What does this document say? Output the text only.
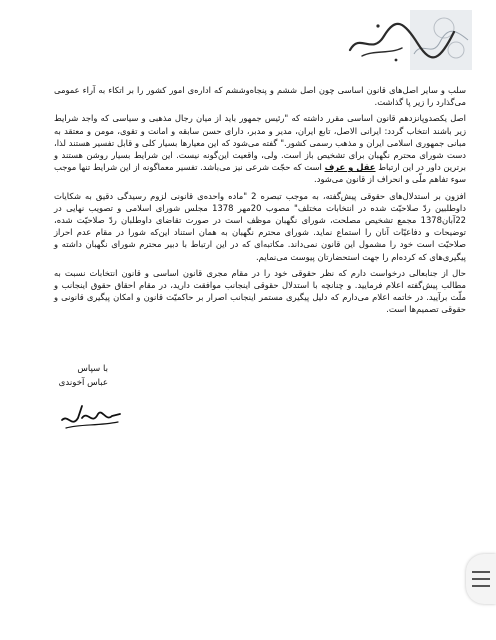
سلب و سایر اصل‌های قانون اساسی چون اصل ششم و پنجاه‌وششم که اداره‌ی امور کشور را بر اتکاء به آراء عمومی می‌گذارد را زیر پا گذاشت.

اصل یکصدوپانزدهم قانون اساسی مقرر داشته که "رئیس جمهور باید از میان رجال مذهبی و سیاسی که واجد شرایط زیر باشند انتخاب گردد: ایرانی الاصل، تابع ایران، مدیر و مدبر، دارای حسن سابقه و امانت و تقوی، مومن و معتقد به مبانی جمهوری اسلامی ایران و مذهب رسمی کشور." گفته می‌شود که این معیارها بسیار کلی و قابل تفسیر هستند لذا، دست شورای محترم نگهبان برای تشخیص باز است. ولی، واقعیت این‌گونه نیست. این شرایط بسیار روشن هستند و برترین داور در این ارتباط عقل و عرف است که حجّت شرعی نیز می‌باشد. تفسیر معماگونه از این شرایط تنها موجب سوء تفاهم ملّی و انحراف از قانون می‌شود.

افزون بر استدلال‌های حقوقی پیش‌گفته، به موجب تبصره 2 "ماده واحده‌ی قانونی لزوم رسیدگی دقیق به شکایات داوطلبین ردّ صلاحیّت شده در انتخابات مختلف" مصوب 20مهر 1378 مجلس شورای اسلامی و تصویب نهایی در 22آبان1378 مجمع تشخیص مصلحت، شورای نگهبان موظف است در صورت تقاضای داوطلبان ردّ صلاحیّت شده، توضیحات و دفاعیّات آنان را استماع نماید. شورای محترم نگهبان به همان استناد این‌که شورا در مقام عدم احراز صلاحیّت است خود را مشمول این قانون نمی‌داند. مکاتبه‌ای که در این ارتباط با دبیر محترم شورای نگهبان داشته و پیگیری‌های که کرده‌ام را جهت استحضارتان پیوست می‌نمایم.

حال از جنابعالی درخواست دارم که نظر حقوقی خود را در مقام مجری قانون اساسی و قانون انتخابات نسبت به مطالب پیش‌گفته اعلام فرمایید. و چنانچه با استدلال حقوقی اینجانب موافقت دارید، در مقام احقاق حقوق اینجانب و ملّت برآیید. در خاتمه اعلام می‌دارم که دلیل پیگیری مستمر اینجانب اصرار بر حاکمیّت قانون و امکان پیگیری قانونی و حقوقی تصمیم‌ها است.

با سپاس
عباس آخوندی
